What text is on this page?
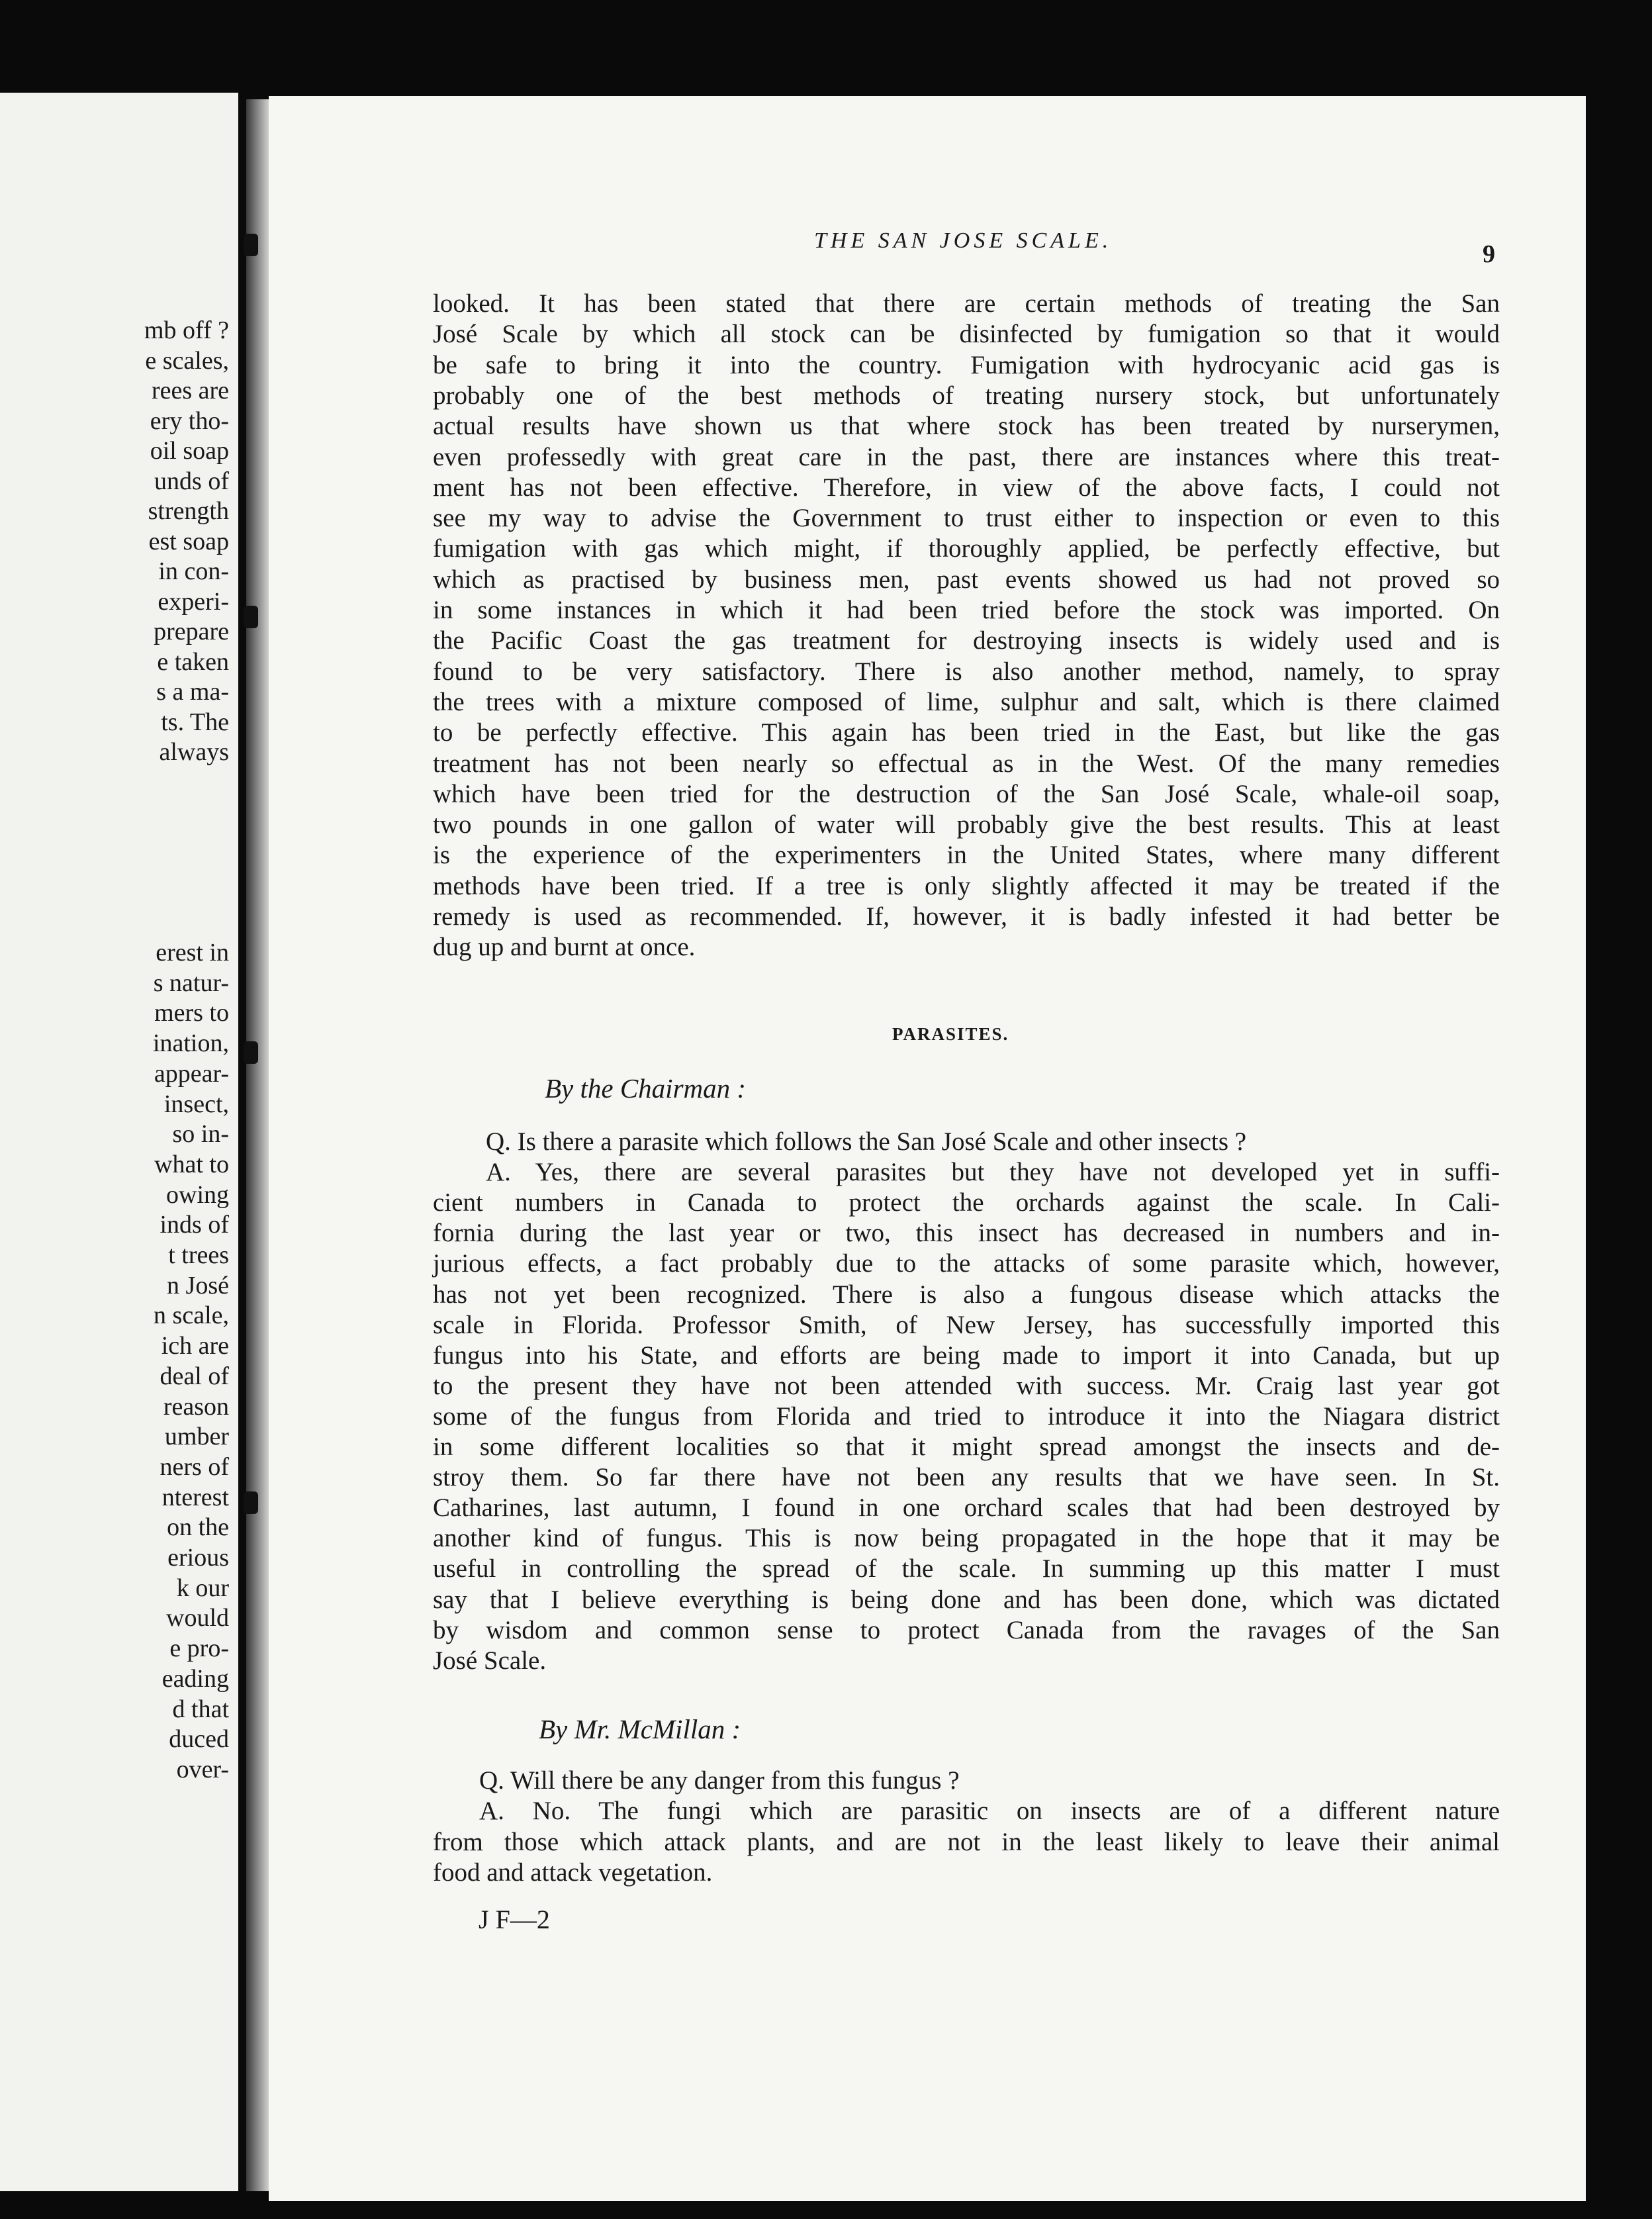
mb off ?
e scales,
rees are
ery tho-
oil soap
unds of
strength
est soap
in con-
experi-
prepare
e taken
s a ma-
ts. The
always
erest in
s natur-
mers to
ination,
appear-
insect,
so in-
what to
owing
inds of
t trees
n José
n scale,
ich are
deal of
reason
umber
ners of
nterest
on the
erious
k our
would
e pro-
eading
d that
duced
over-
THE SAN JOSE SCALE.	9
looked. It has been stated that there are certain methods of treating the San
José Scale by which all stock can be disinfected by fumigation so that it would
be safe to bring it into the country. Fumigation with hydrocyanic acid gas is
probably one of the best methods of treating nursery stock, but unfortunately
actual results have shown us that where stock has been treated by nurserymen,
even professedly with great care in the past, there are instances where this treat-
ment has not been effective. Therefore, in view of the above facts, I could not
see my way to advise the Government to trust either to inspection or even to this
fumigation with gas which might, if thoroughly applied, be perfectly effective, but
which as practised by business men, past events showed us had not proved so
in some instances in which it had been tried before the stock was imported. On
the Pacific Coast the gas treatment for destroying insects is widely used and is
found to be very satisfactory. There is also another method, namely, to spray
the trees with a mixture composed of lime, sulphur and salt, which is there claimed
to be perfectly effective. This again has been tried in the East, but like the gas
treatment has not been nearly so effectual as in the West. Of the many remedies
which have been tried for the destruction of the San José Scale, whale-oil soap,
two pounds in one gallon of water will probably give the best results. This at least
is the experience of the experimenters in the United States, where many different
methods have been tried. If a tree is only slightly affected it may be treated if the
remedy is used as recommended. If, however, it is badly infested it had better be
dug up and burnt at once.
PARASITES.
By the Chairman :
Q. Is there a parasite which follows the San José Scale and other insects ?
A. Yes, there are several parasites but they have not developed yet in suffi-
cient numbers in Canada to protect the orchards against the scale. In Cali-
fornia during the last year or two, this insect has decreased in numbers and in-
jurious effects, a fact probably due to the attacks of some parasite which, however,
has not yet been recognized. There is also a fungous disease which attacks the
scale in Florida. Professor Smith, of New Jersey, has successfully imported this
fungus into his State, and efforts are being made to import it into Canada, but up
to the present they have not been attended with success. Mr. Craig last year got
some of the fungus from Florida and tried to introduce it into the Niagara district
in some different localities so that it might spread amongst the insects and de-
stroy them. So far there have not been any results that we have seen. In St.
Catharines, last autumn, I found in one orchard scales that had been destroyed by
another kind of fungus. This is now being propagated in the hope that it may be
useful in controlling the spread of the scale. In summing up this matter I must
say that I believe everything is being done and has been done, which was dictated
by wisdom and common sense to protect Canada from the ravages of the San
José Scale.
By Mr. McMillan :
Q. Will there be any danger from this fungus ?
A. No. The fungi which are parasitic on insects are of a different nature
from those which attack plants, and are not in the least likely to leave their animal
food and attack vegetation.
J F—2
